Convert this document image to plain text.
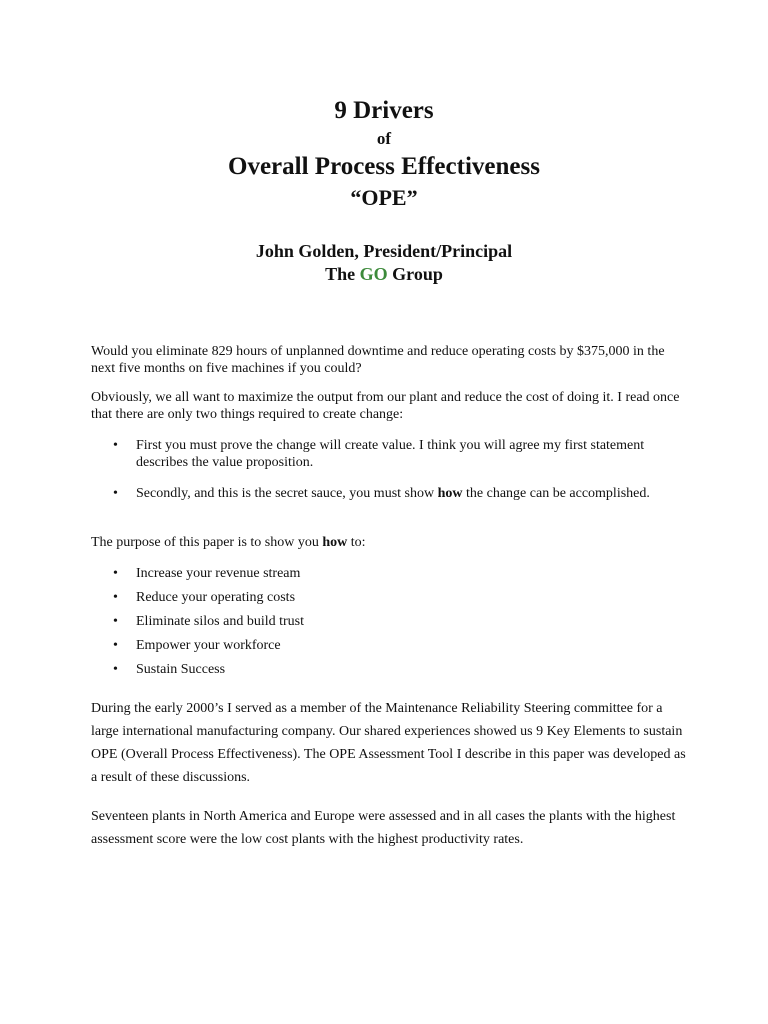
9 Drivers
of
Overall Process Effectiveness
“OPE”
John Golden, President/Principal
The GO Group

Would you eliminate 829 hours of unplanned downtime and reduce operating costs by $375,000 in the next five months on five machines if you could?

Obviously, we all want to maximize the output from our plant and reduce the cost of doing it. I read once that there are only two things required to create change:

• First you must prove the change will create value. I think you will agree my first statement describes the value proposition.
• Secondly, and this is the secret sauce, you must show how the change can be accomplished.

The purpose of this paper is to show you how to:

• Increase your revenue stream
• Reduce your operating costs
• Eliminate silos and build trust
• Empower your workforce
• Sustain Success

During the early 2000’s I served as a member of the Maintenance Reliability Steering committee for a large international manufacturing company. Our shared experiences showed us 9 Key Elements to sustain OPE (Overall Process Effectiveness). The OPE Assessment Tool I describe in this paper was developed as a result of these discussions.

Seventeen plants in North America and Europe were assessed and in all cases the plants with the highest assessment score were the low cost plants with the highest productivity rates.
